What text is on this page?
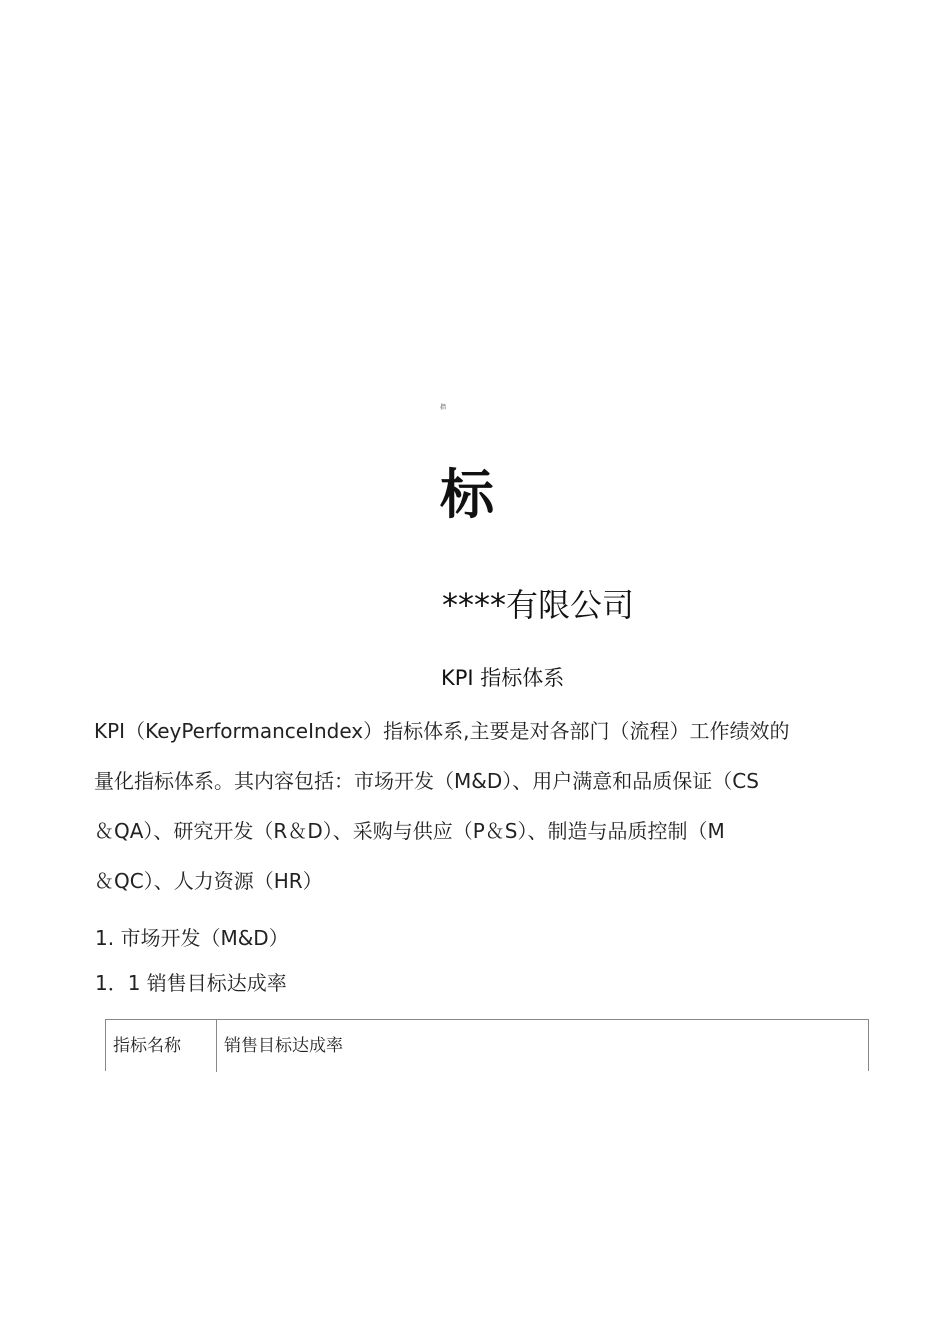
指
标
****有限公司
KPI 指标体系
KPI（KeyPerformanceIndex）指标体系,主要是对各部门（流程）工作绩效的
量化指标体系。其内容包括：市场开发（M&D）、用户满意和品质保证（CS
＆QA）、研究开发（R＆D）、采购与供应（P＆S）、制造与品质控制（M
＆QC）、人力资源（HR）
1. 市场开发（M&D）
1．1 销售目标达成率
指标名称	销售目标达成率
